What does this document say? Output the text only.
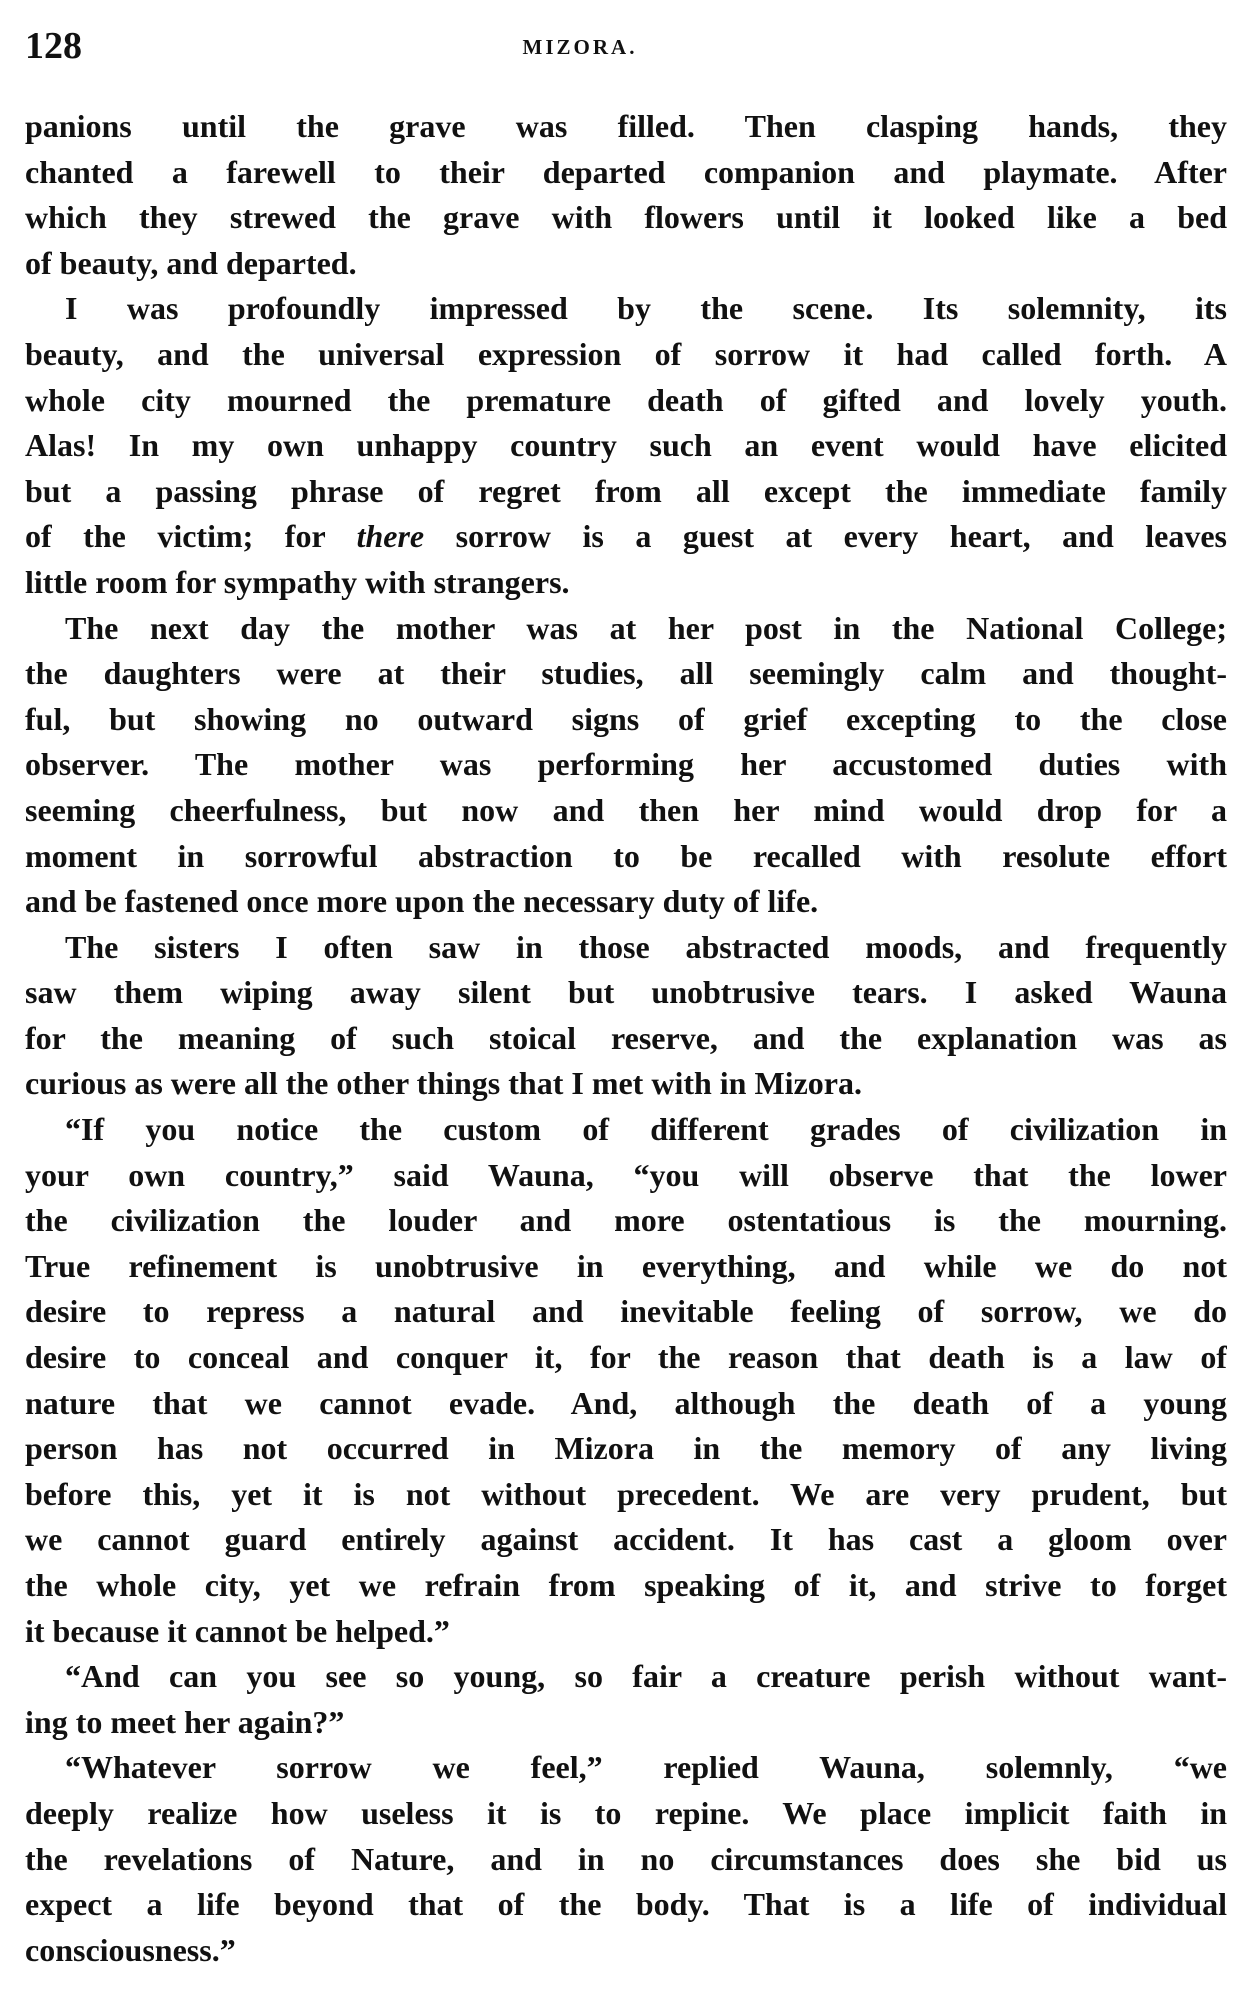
128	MIZORA.
panions until the grave was filled. Then clasping hands, they
chanted a farewell to their departed companion and playmate. After
which they strewed the grave with flowers until it looked like a bed
of beauty, and departed.
I was profoundly impressed by the scene. Its solemnity, its
beauty, and the universal expression of sorrow it had called forth. A
whole city mourned the premature death of gifted and lovely youth.
Alas! In my own unhappy country such an event would have elicited
but a passing phrase of regret from all except the immediate family
of the victim; for there sorrow is a guest at every heart, and leaves
little room for sympathy with strangers.
The next day the mother was at her post in the National College;
the daughters were at their studies, all seemingly calm and thought-
ful, but showing no outward signs of grief excepting to the close
observer. The mother was performing her accustomed duties with
seeming cheerfulness, but now and then her mind would drop for a
moment in sorrowful abstraction to be recalled with resolute effort
and be fastened once more upon the necessary duty of life.
The sisters I often saw in those abstracted moods, and frequently
saw them wiping away silent but unobtrusive tears. I asked Wauna
for the meaning of such stoical reserve, and the explanation was as
curious as were all the other things that I met with in Mizora.
“If you notice the custom of different grades of civilization in
your own country,” said Wauna, “you will observe that the lower
the civilization the louder and more ostentatious is the mourning.
True refinement is unobtrusive in everything, and while we do not
desire to repress a natural and inevitable feeling of sorrow, we do
desire to conceal and conquer it, for the reason that death is a law of
nature that we cannot evade. And, although the death of a young
person has not occurred in Mizora in the memory of any living
before this, yet it is not without precedent. We are very prudent, but
we cannot guard entirely against accident. It has cast a gloom over
the whole city, yet we refrain from speaking of it, and strive to forget
it because it cannot be helped.”
“And can you see so young, so fair a creature perish without want-
ing to meet her again?”
“Whatever sorrow we feel,” replied Wauna, solemnly, “we
deeply realize how useless it is to repine. We place implicit faith in
the revelations of Nature, and in no circumstances does she bid us
expect a life beyond that of the body. That is a life of individual
consciousness.”
